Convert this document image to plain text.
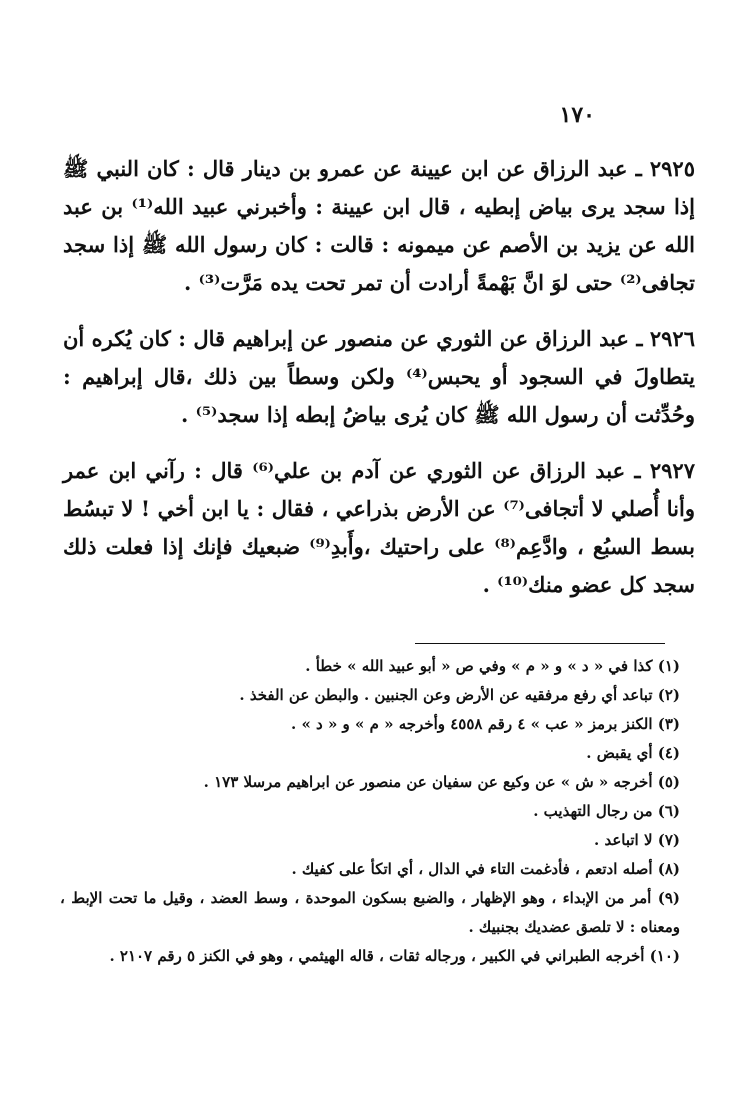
١٧٠

٢٩٢٥ ـ عبد الرزاق عن ابن عيينة عن عمرو بن دينار قال : كان النبي ﷺ إذا سجد يرى بياض إبطيه ، قال ابن عيينة : وأخبرني عبيد الله⁽¹⁾ بن عبد الله عن يزيد بن الأصم عن ميمونه : قالت : كان رسول الله ﷺ إذا سجد تجافى⁽²⁾ حتى لوَ انَّ بَهْمةً أرادت أن تمر تحت يده مَرَّت⁽³⁾ .

٢٩٢٦ ـ عبد الرزاق عن الثوري عن منصور عن إبراهيم قال : كان يُكره أن يتطاولَ في السجود أو يحبس⁽⁴⁾ ولكن وسطاً بين ذلك ،قال إبراهيم : وحُدِّثت أن رسول الله ﷺ كان يُرى بياضُ إبطه إذا سجد⁽⁵⁾ .

٢٩٢٧ ـ عبد الرزاق عن الثوري عن آدم بن علي⁽⁶⁾ قال : رآني ابن عمر وأنا أُصلي لا أتجافى⁽⁷⁾ عن الأرض بذراعي ، فقال : يا ابن أخي ! لا تبسُط بسط السبُع ، وادَّعِم⁽⁸⁾ على راحتيك ،وأَبدِ⁽⁹⁾ ضبعيك فإنك إذا فعلت ذلك سجد كل عضو منك⁽¹⁰⁾ .

(١) كذا في « د » و « م » وفي ص « أبو عبيد الله » خطأ .
(٢) تباعد أي رفع مرفقيه عن الأرض وعن الجنبين . والبطن عن الفخذ .
(٣) الكنز برمز « عب » ٤ رقم ٤٥٥٨ وأخرجه « م » و « د » .
(٤) أي يقبض .
(٥) أخرجه « ش » عن وكيع عن سفيان عن منصور عن ابراهيم مرسلا ١٧٣ .
(٦) من رجال التهذيب .
(٧) لا اتباعد .
(٨) أصله ادتعم ، فأدغمت التاء في الدال ، أي اتكأ على كفيك .
(٩) أمر من الإبداء ، وهو الإظهار ، والضبع بسكون الموحدة ، وسط العضد ، وقيل ما تحت الإبط ، ومعناه : لا تلصق عضديك بجنبيك .
(١٠) أخرجه الطبراني في الكبير ، ورجاله ثقات ، قاله الهيثمي ، وهو في الكنز ٥ رقم ٢١٠٧ .
